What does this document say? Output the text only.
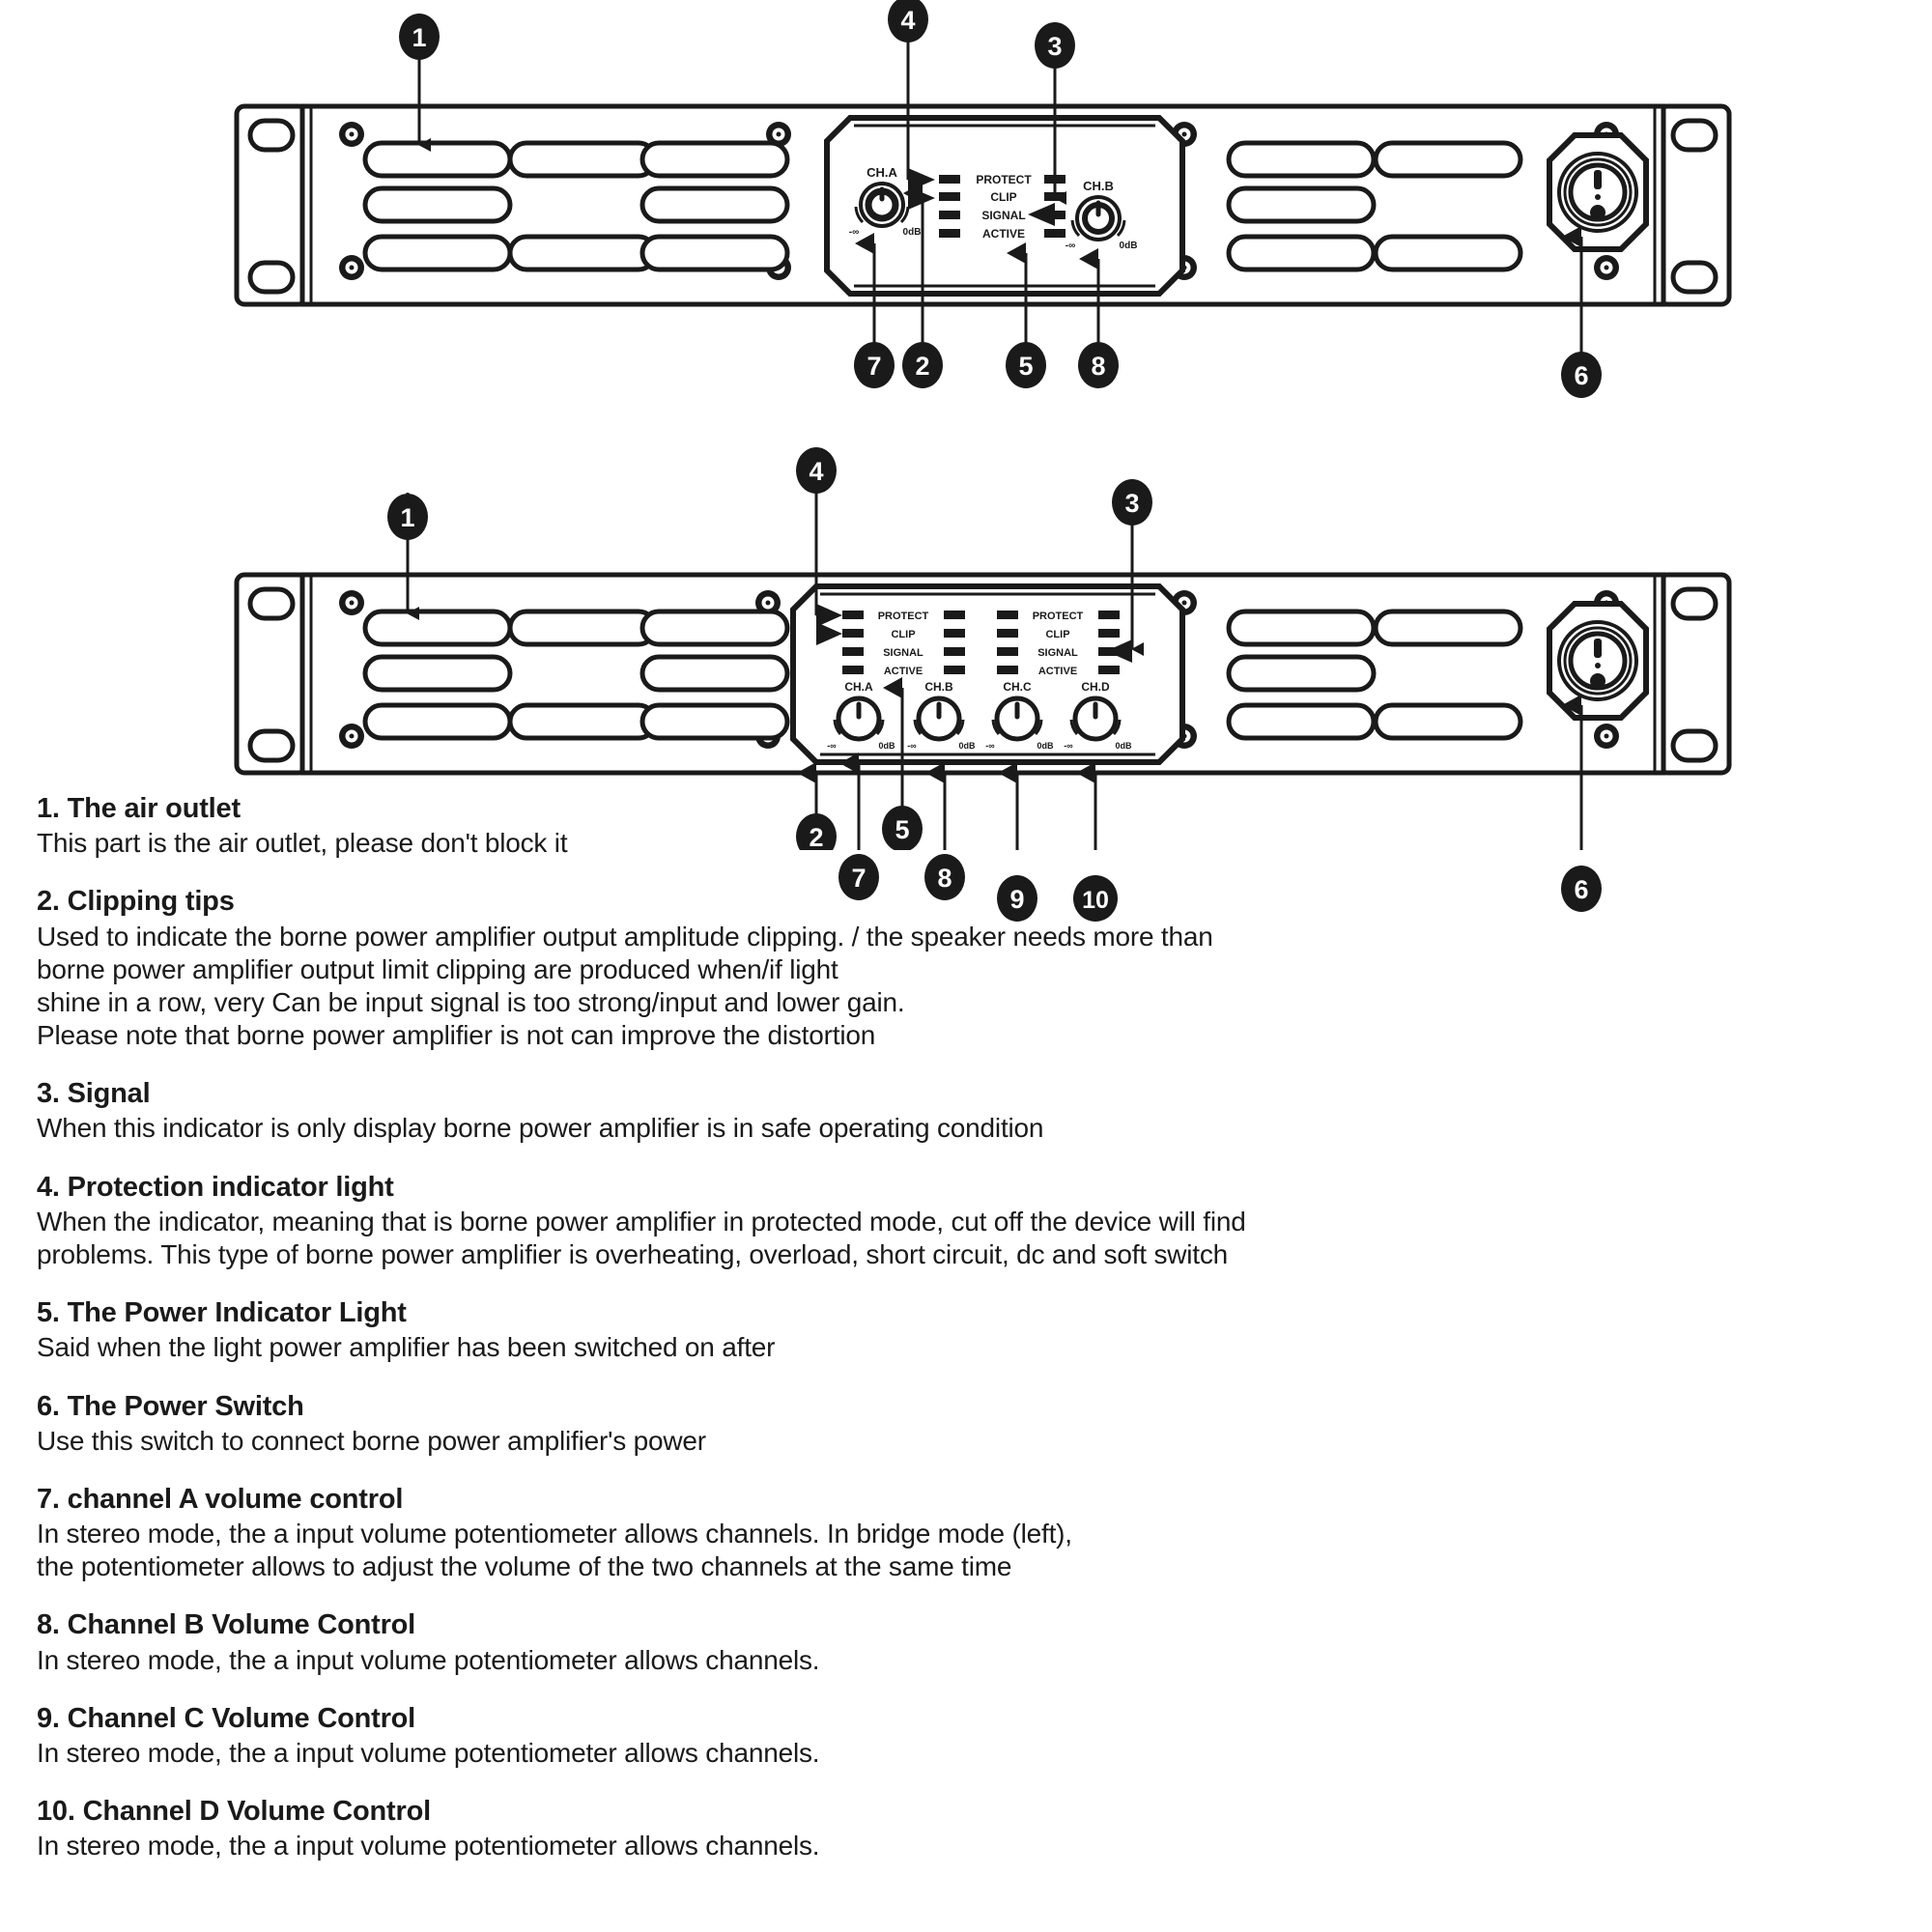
CH.A
-∞	0dB
PROTECT
CLIP
SIGNAL
ACTIVE
CH.B
-∞	0dB
1
4
3
7 2	5 8	6
PROTECT
CLIP
SIGNAL
ACTIVE
PROTECT
CLIP
SIGNAL
ACTIVE
CH.A
-∞	0dB
CH.B
-∞	0dB
CH.C
-∞	0dB
CH.D
-∞	0dB
1
4
3
2	5
7	8
9 10	6

1. The air outlet

This part is the air outlet, please don't block it

2. Clipping tips

Used to indicate the borne power amplifier output amplitude clipping. / the speaker needs more than

borne power amplifier output limit clipping are produced when/if light

shine in a row, very Can be input signal is too strong/input and lower gain.

Please note that borne power amplifier is not can improve the distortion

3. Signal

When this indicator is only display borne power amplifier is in safe operating condition

4. Protection indicator light

When the indicator, meaning that is borne power amplifier in protected mode, cut off the device will find

problems. This type of borne power amplifier is overheating, overload, short circuit, dc and soft switch

5. The Power Indicator Light

Said when the light power amplifier has been switched on after

6. The Power Switch

Use this switch to connect borne power amplifier's power

7. channel A volume control

In stereo mode, the a input volume potentiometer allows channels. In bridge mode (left),

the potentiometer allows to adjust the volume of the two channels at the same time

8. Channel B Volume Control

In stereo mode, the a input volume potentiometer allows channels.

9. Channel C Volume Control

In stereo mode, the a input volume potentiometer allows channels.

10. Channel D Volume Control

In stereo mode, the a input volume potentiometer allows channels.
